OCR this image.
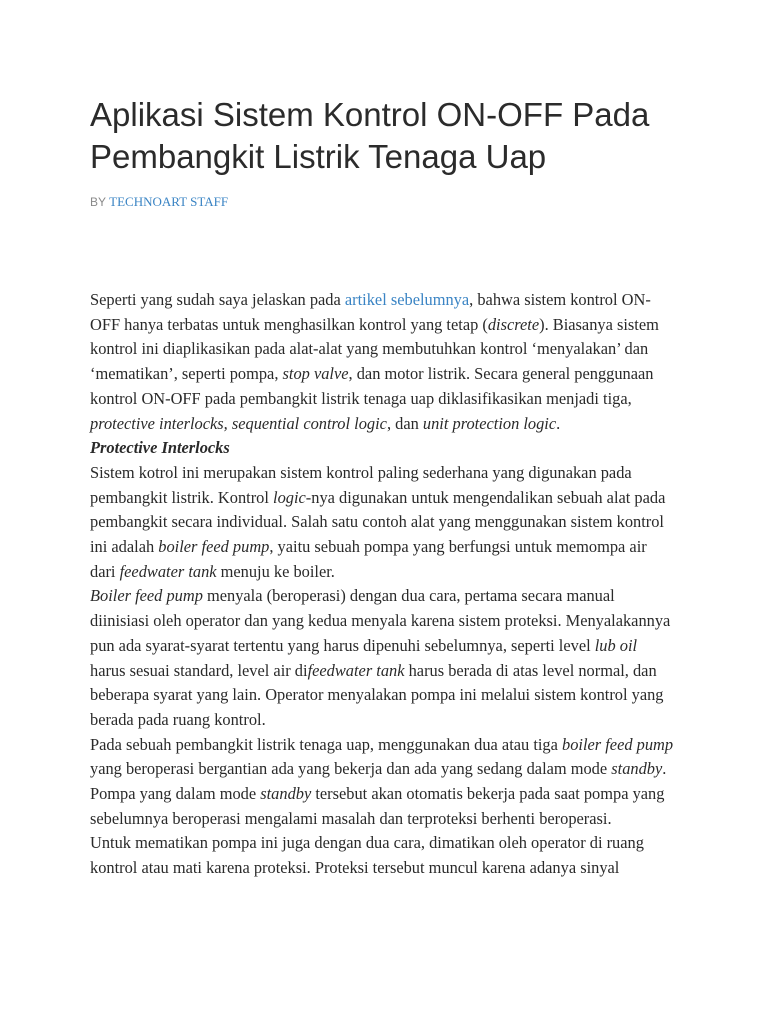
Aplikasi Sistem Kontrol ON-OFF Pada Pembangkit Listrik Tenaga Uap

BY TECHNOART STAFF

Seperti yang sudah saya jelaskan pada artikel sebelumnya, bahwa sistem kontrol ON-OFF hanya terbatas untuk menghasilkan kontrol yang tetap (discrete). Biasanya sistem kontrol ini diaplikasikan pada alat-alat yang membutuhkan kontrol ‘menyalakan’ dan ‘mematikan’, seperti pompa, stop valve, dan motor listrik. Secara general penggunaan kontrol ON-OFF pada pembangkit listrik tenaga uap diklasifikasikan menjadi tiga, protective interlocks, sequential control logic, dan unit protection logic.

Protective Interlocks

Sistem kotrol ini merupakan sistem kontrol paling sederhana yang digunakan pada pembangkit listrik. Kontrol logic-nya digunakan untuk mengendalikan sebuah alat pada pembangkit secara individual. Salah satu contoh alat yang menggunakan sistem kontrol ini adalah boiler feed pump, yaitu sebuah pompa yang berfungsi untuk memompa air dari feedwater tank menuju ke boiler.

Boiler feed pump menyala (beroperasi) dengan dua cara, pertama secara manual diinisiasi oleh operator dan yang kedua menyala karena sistem proteksi. Menyalakannya pun ada syarat-syarat tertentu yang harus dipenuhi sebelumnya, seperti level lub oil harus sesuai standard, level air difeedwater tank harus berada di atas level normal, dan beberapa syarat yang lain. Operator menyalakan pompa ini melalui sistem kontrol yang berada pada ruang kontrol.

Pada sebuah pembangkit listrik tenaga uap, menggunakan dua atau tiga boiler feed pump yang beroperasi bergantian ada yang bekerja dan ada yang sedang dalam mode standby. Pompa yang dalam mode standby tersebut akan otomatis bekerja pada saat pompa yang sebelumnya beroperasi mengalami masalah dan terproteksi berhenti beroperasi.

Untuk mematikan pompa ini juga dengan dua cara, dimatikan oleh operator di ruang kontrol atau mati karena proteksi. Proteksi tersebut muncul karena adanya sinyal
